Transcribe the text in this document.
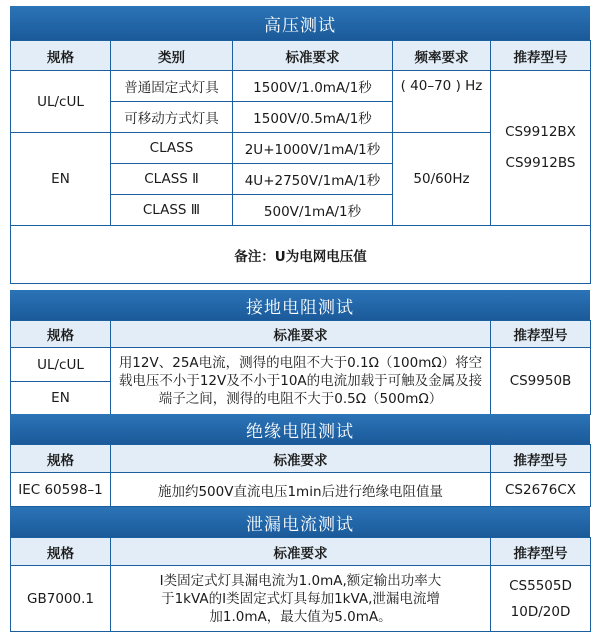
高压测试
规格	类别	标准要求	频率要求	推荐型号
UL/cUL	普通固定式灯具	1500V/1.0mA/1秒	( 40–70 ) Hz	CS9912BX
CS9912BS
	可移动方式灯具	1500V/0.5mA/1秒		
EN	CLASS	2U+1000V/1mA/1秒	50/60Hz	
	CLASS Ⅱ	4U+2750V/1mA/1秒		
	CLASS Ⅲ	500V/1mA/1秒		
备注：U为电网电压值				
接地电阻测试
规格	标准要求	推荐型号
UL/cUL	用12V、25A电流，测得的电阻不大于0.1Ω（100mΩ）将空载电压不小于12V及不小于10A的电流加载于可触及金属及接端子之间，测得的电阻不大于0.5Ω（500mΩ）	CS9950B
EN		
绝缘电阻测试
规格	标准要求	推荐型号
IEC 60598–1	施加约500V直流电压1min后进行绝缘电阻值量	CS2676CX
泄漏电流测试
规格	标准要求	推荐型号
GB7000.1	I类固定式灯具漏电流为1.0mA,额定输出功率大于1kVA的I类固定式灯具每加1kVA,泄漏电流增加1.0mA，最大值为5.0mA。	CS5505D
10D/20D
